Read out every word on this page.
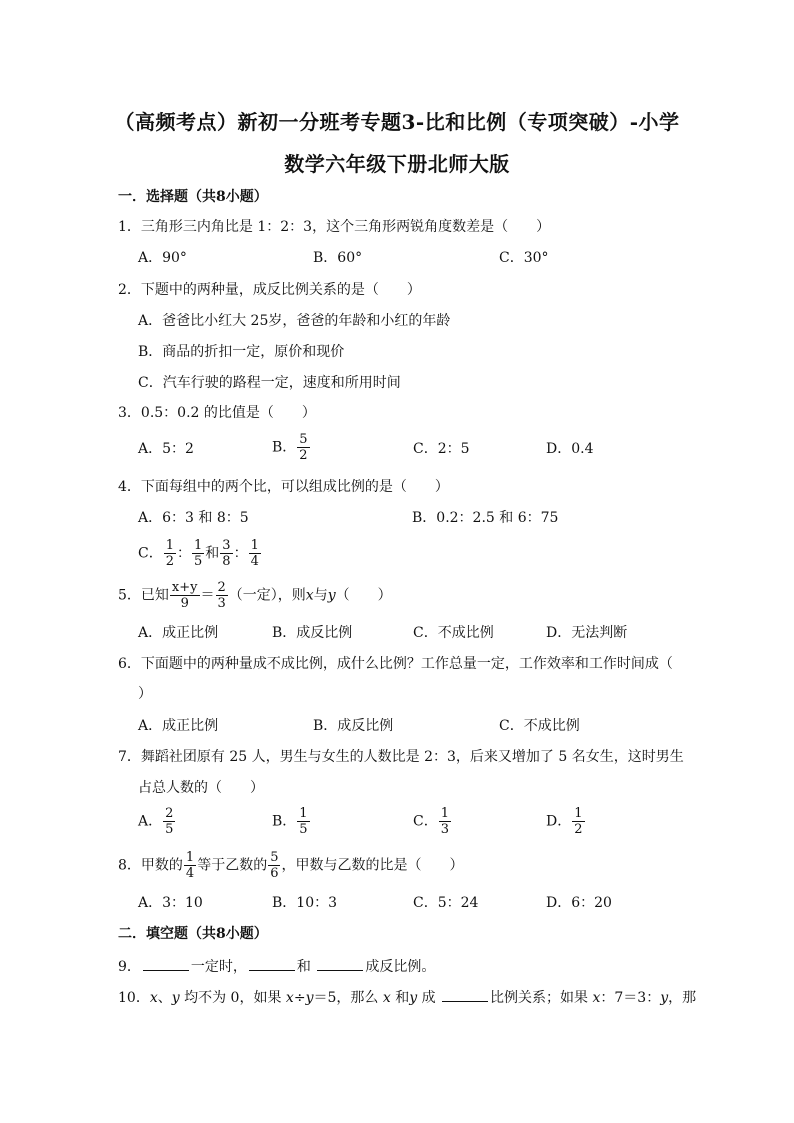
（高频考点）新初一分班考专题3-比和比例（专项突破）-小学
数学六年级下册北师大版
一．选择题（共8小题）
1．三角形三内角比是 1：2：3，这个三角形两锐角度数差是（　　）
A．90°	B．60°	C．30°
2．下题中的两种量，成反比例关系的是（　　）
A．爸爸比小红大 25岁，爸爸的年龄和小红的年龄
B．商品的折扣一定，原价和现价
C．汽车行驶的路程一定，速度和所用时间
3．0.5：0.2 的比值是（　　）
A．5：2	B． $\frac{5}{2}$	C．2：5	D．0.4
4．下面每组中的两个比，可以组成比例的是（　　）
A．6：3 和 8：5	B．0.2：2.5 和 6：75
C． $\frac{1}{2}$ ： $\frac{1}{5}$ 和 $\frac{3}{8}$ ： $\frac{1}{4}$
5．已知 $\frac{x+y}{9} = \frac{2}{3}$ （一定），则x与y（　　）
A．成正比例	B．成反比例	C．不成比例	D．无法判断
6．下面题中的两种量成不成比例，成什么比例？工作总量一定，工作效率和工作时间成（
）
A．成正比例	B．成反比例	C．不成比例
7．舞蹈社团原有 25 人，男生与女生的人数比是 2：3，后来又增加了 5 名女生，这时男生
占总人数的（　　）
A． $\frac{2}{5}$	B． $\frac{1}{5}$	C． $\frac{1}{3}$	D． $\frac{1}{2}$
8．甲数的 $\frac{1}{4}$ 等于乙数的 $\frac{5}{6}$ ，甲数与乙数的比是（　　）
A．3：10	B．10：3	C．5：24	D．6：20
二．填空题（共8小题）
9．	一定时，	和	成反比例。
10．x、y 均不为 0，如果 x÷y＝5，那么 x 和y 成	比例关系；如果 x：7＝3：y，那
